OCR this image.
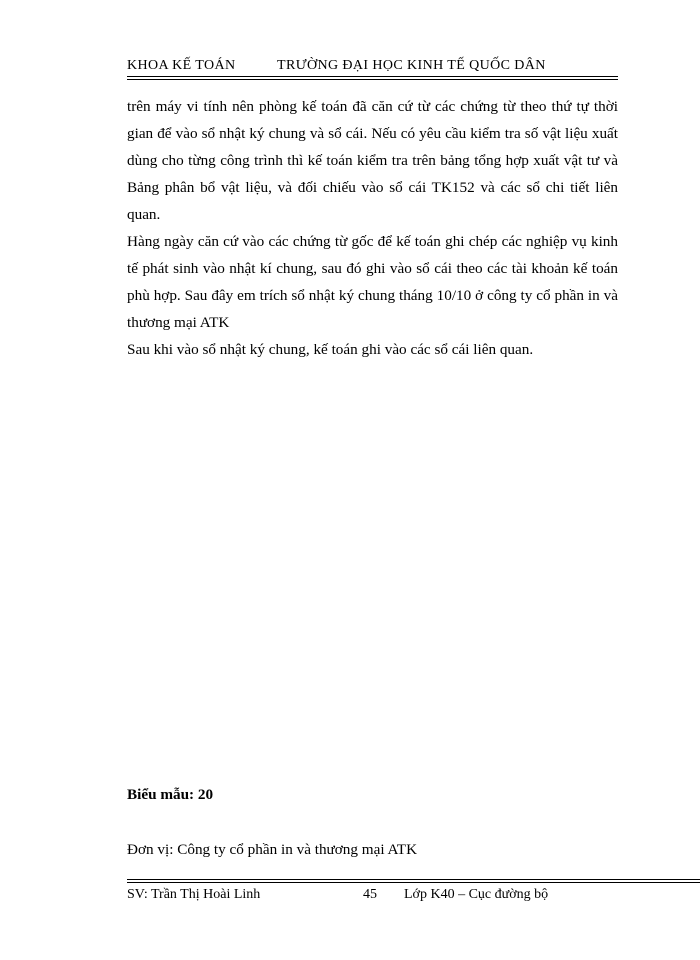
KHOA KẾ TOÁN	TRƯỜNG ĐẠI HỌC KINH TẾ QUỐC DÂN

trên máy vi tính nên phòng kế toán đã căn cứ từ các chứng từ theo thứ tự thời gian để vào sổ nhật ký chung và sổ cái. Nếu có yêu cầu kiểm tra số vật liệu xuất dùng cho từng công trình thì kế toán kiểm tra trên bảng tổng hợp xuất vật tư và Bảng phân bổ vật liệu, và đối chiếu vào sổ cái TK152 và các sổ chi tiết liên quan.

Hàng ngày căn cứ vào các chứng từ gốc để kế toán ghi chép các nghiệp vụ kinh tế phát sinh vào nhật kí chung, sau đó ghi vào sổ cái theo các tài khoản kế toán phù hợp. Sau đây em trích sổ nhật ký chung tháng 10/10 ở công ty cổ phần in và thương mại ATK

Sau khi vào sổ nhật ký chung, kế toán ghi vào các sổ cái liên quan.

Biểu mẫu: 20
Đơn vị: Công ty cổ phần in và thương mại ATK
SV: Trần Thị Hoài Linh	45 Lớp K40 – Cục đường bộ
